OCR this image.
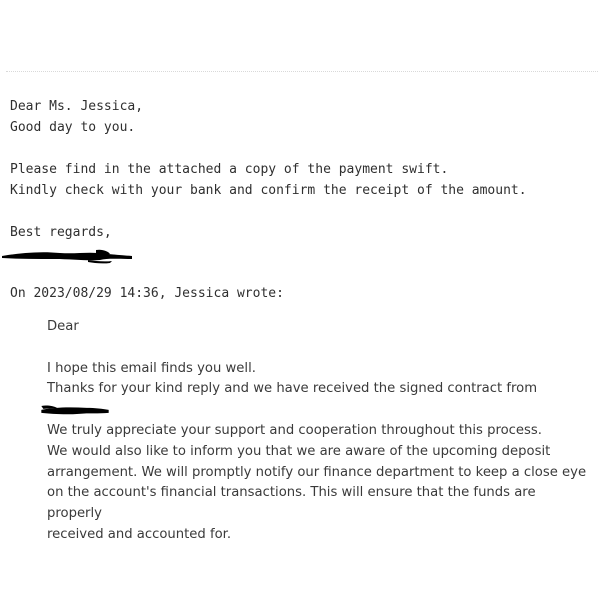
Dear Ms. Jessica,

Good day to you.

Please find in the attached a copy of the payment swift.

Kindly check with your bank and confirm the receipt of the amount.

Best regards,

On 2023/08/29 14:36, Jessica wrote:

Dear

I hope this email finds you well.

Thanks for your kind reply and we have received the signed contract from

We truly appreciate your support and cooperation throughout this process.

We would also like to inform you that we are aware of the upcoming deposit

arrangement. We will promptly notify our finance department to keep a close eye

on the account's financial transactions. This will ensure that the funds are properly

received and accounted for.
